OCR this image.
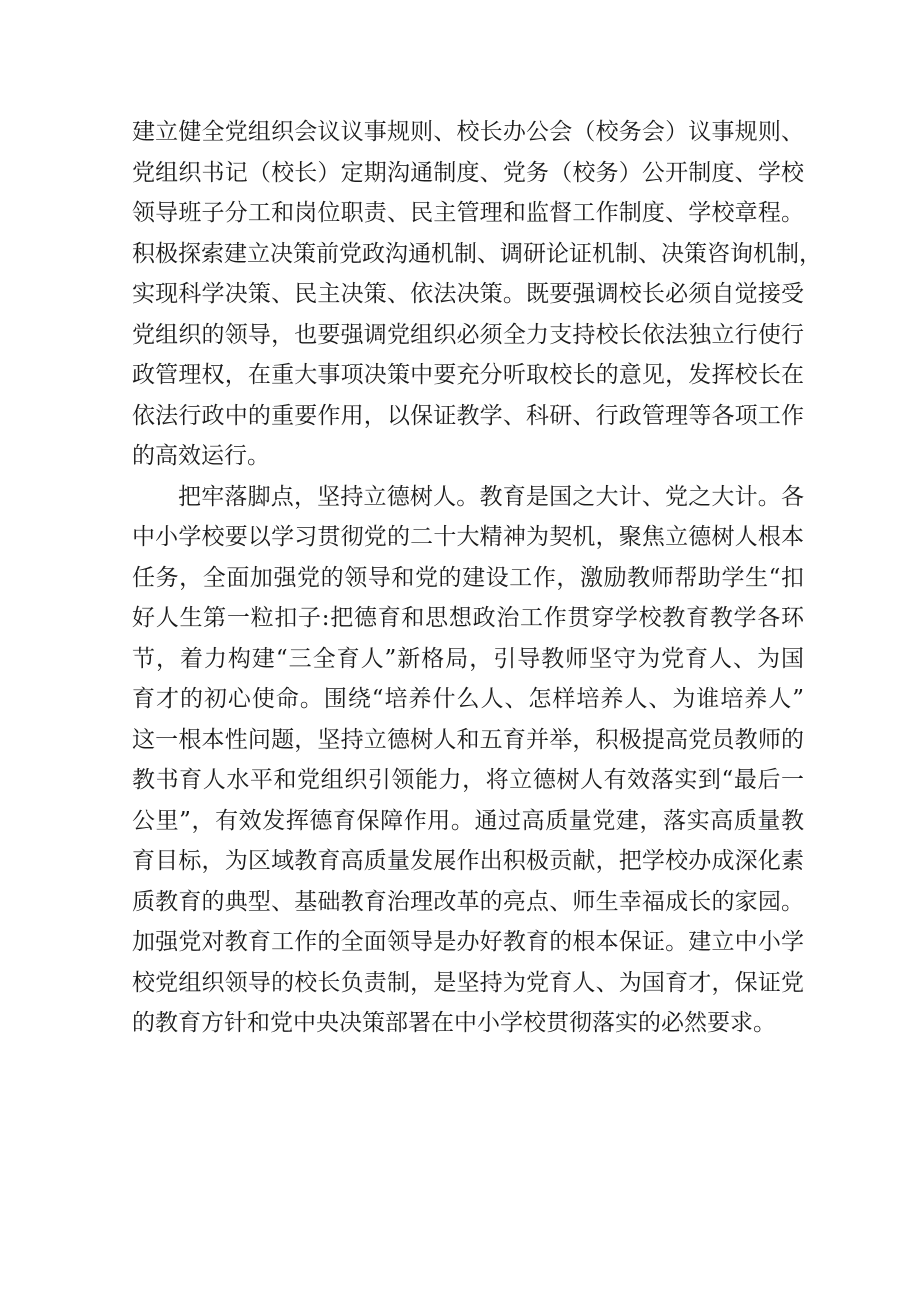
建立健全党组织会议议事规则、校长办公会（校务会）议事规则、
党组织书记（校长）定期沟通制度、党务（校务）公开制度、学校
领导班子分工和岗位职责、民主管理和监督工作制度、学校章程。
积极探索建立决策前党政沟通机制、调研论证机制、决策咨询机制，
实现科学决策、民主决策、依法决策。既要强调校长必须自觉接受
党组织的领导，也要强调党组织必须全力支持校长依法独立行使行
政管理权，在重大事项决策中要充分听取校长的意见，发挥校长在
依法行政中的重要作用，以保证教学、科研、行政管理等各项工作
的高效运行。
把牢落脚点，坚持立德树人。教育是国之大计、党之大计。各
中小学校要以学习贯彻党的二十大精神为契机，聚焦立德树人根本
任务，全面加强党的领导和党的建设工作，激励教师帮助学生“扣
好人生第一粒扣子:把德育和思想政治工作贯穿学校教育教学各环
节，着力构建“三全育人”新格局，引导教师坚守为党育人、为国
育才的初心使命。围绕“培养什么人、怎样培养人、为谁培养人”
这一根本性问题，坚持立德树人和五育并举，积极提高党员教师的
教书育人水平和党组织引领能力，将立德树人有效落实到“最后一
公里”，有效发挥德育保障作用。通过高质量党建，落实高质量教
育目标，为区域教育高质量发展作出积极贡献，把学校办成深化素
质教育的典型、基础教育治理改革的亮点、师生幸福成长的家园。
加强党对教育工作的全面领导是办好教育的根本保证。建立中小学
校党组织领导的校长负责制，是坚持为党育人、为国育才，保证党
的教育方针和党中央决策部署在中小学校贯彻落实的必然要求。
